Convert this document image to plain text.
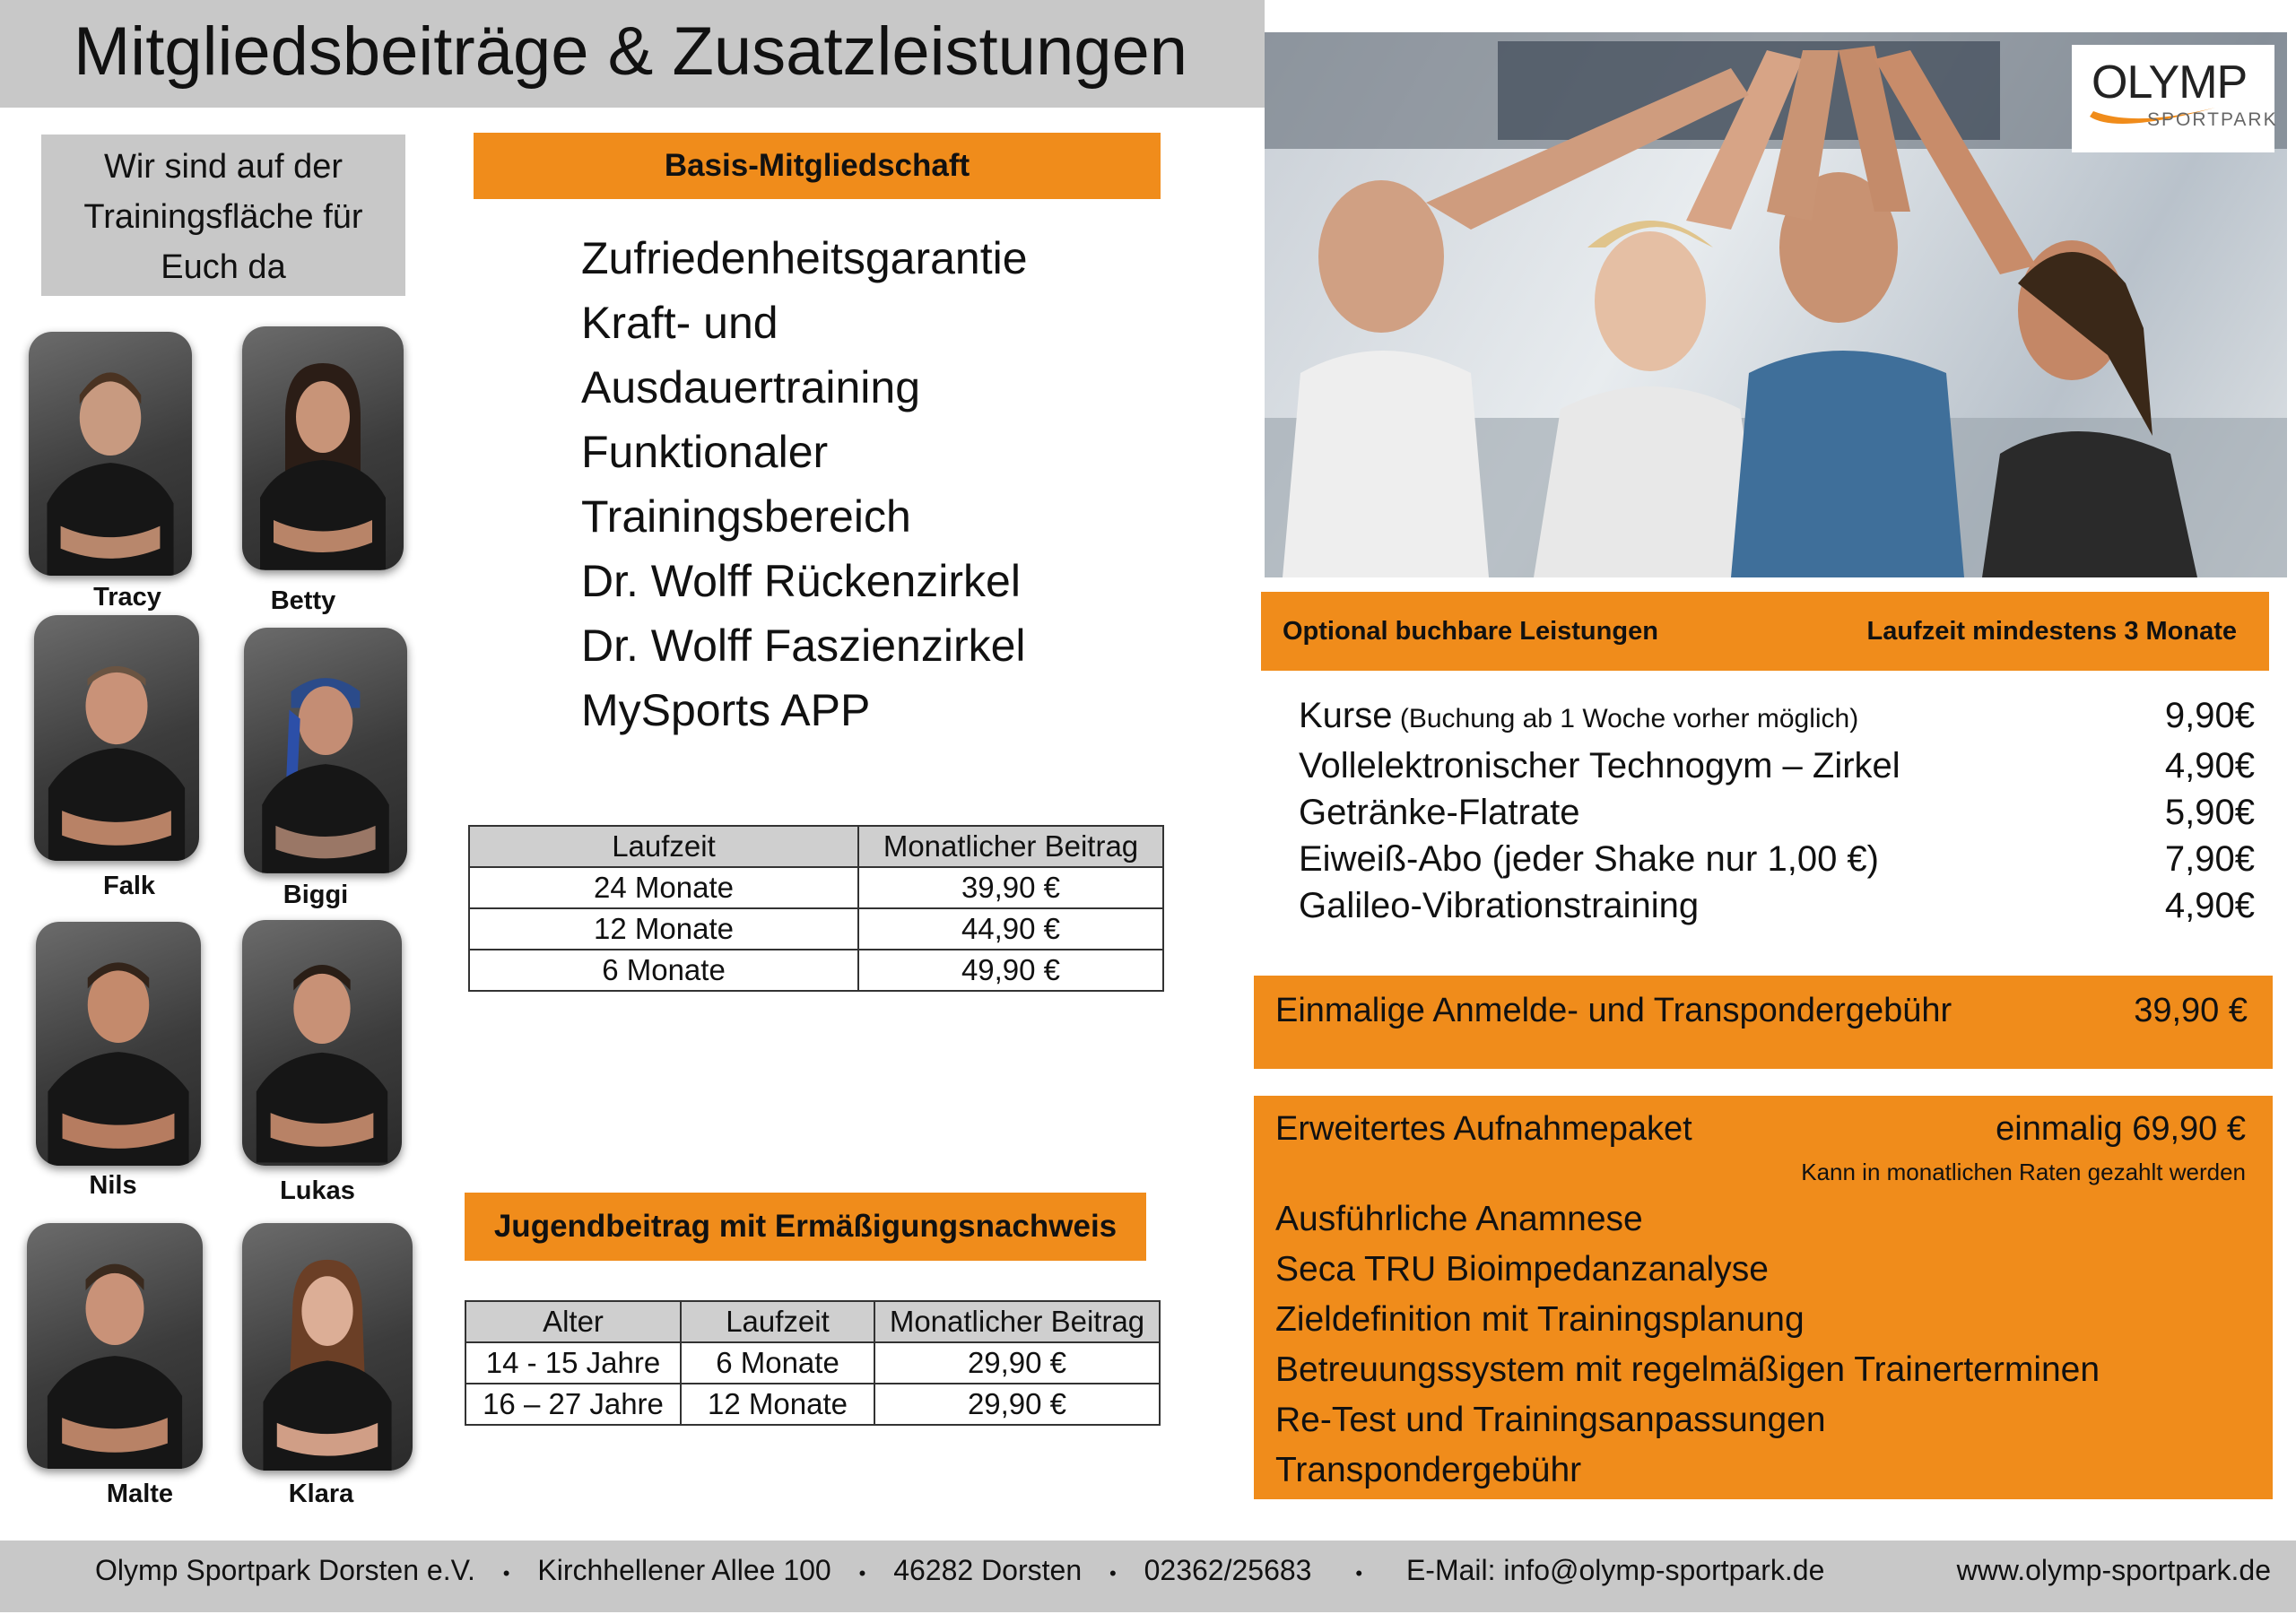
Mitgliedsbeiträge & Zusatzleistungen
Wir sind auf der
Trainingsfläche für
Euch da
Tracy	Betty
Falk	Biggi
Nils	Lukas
Malte	Klara
Basis-Mitgliedschaft
Zufriedenheitsgarantie
Kraft- und
Ausdauertraining
Funktionaler
Trainingsbereich
Dr. Wolff Rückenzirkel
Dr. Wolff Faszienzirkel
MySports APP
Laufzeit	Monatlicher Beitrag
24 Monate	39,90 €
12 Monate	44,90 €
6 Monate	49,90 €
Jugendbeitrag mit Ermäßigungsnachweis
Alter	Laufzeit	Monatlicher Beitrag
14 - 15 Jahre	6 Monate	29,90 €
16 – 27 Jahre	12 Monate	29,90 €
OLYMP
SPORTPARK
Optional buchbare Leistungen	Laufzeit mindestens 3 Monate
Kurse (Buchung ab 1 Woche vorher möglich)	9,90€
Vollelektronischer Technogym – Zirkel	4,90€
Getränke-Flatrate	5,90€
Eiweiß-Abo (jeder Shake nur 1,00 €)	7,90€
Galileo-Vibrationstraining	4,90€
Einmalige Anmelde- und Transpondergebühr	39,90 €
Erweitertes Aufnahmepaket	einmalig 69,90 €
Kann in monatlichen Raten gezahlt werden
Ausführliche Anamnese
Seca TRU Bioimpedanzanalyse
Zieldefinition mit Trainingsplanung
Betreuungssystem mit regelmäßigen Trainerterminen
Re-Test und Trainingsanpassungen
Transpondergebühr
Olymp Sportpark Dorsten e.V. • Kirchhellener Allee 100 • 46282 Dorsten • 02362/25683 • E-Mail: info@olymp-sportpark.de	www.olymp-sportpark.de
